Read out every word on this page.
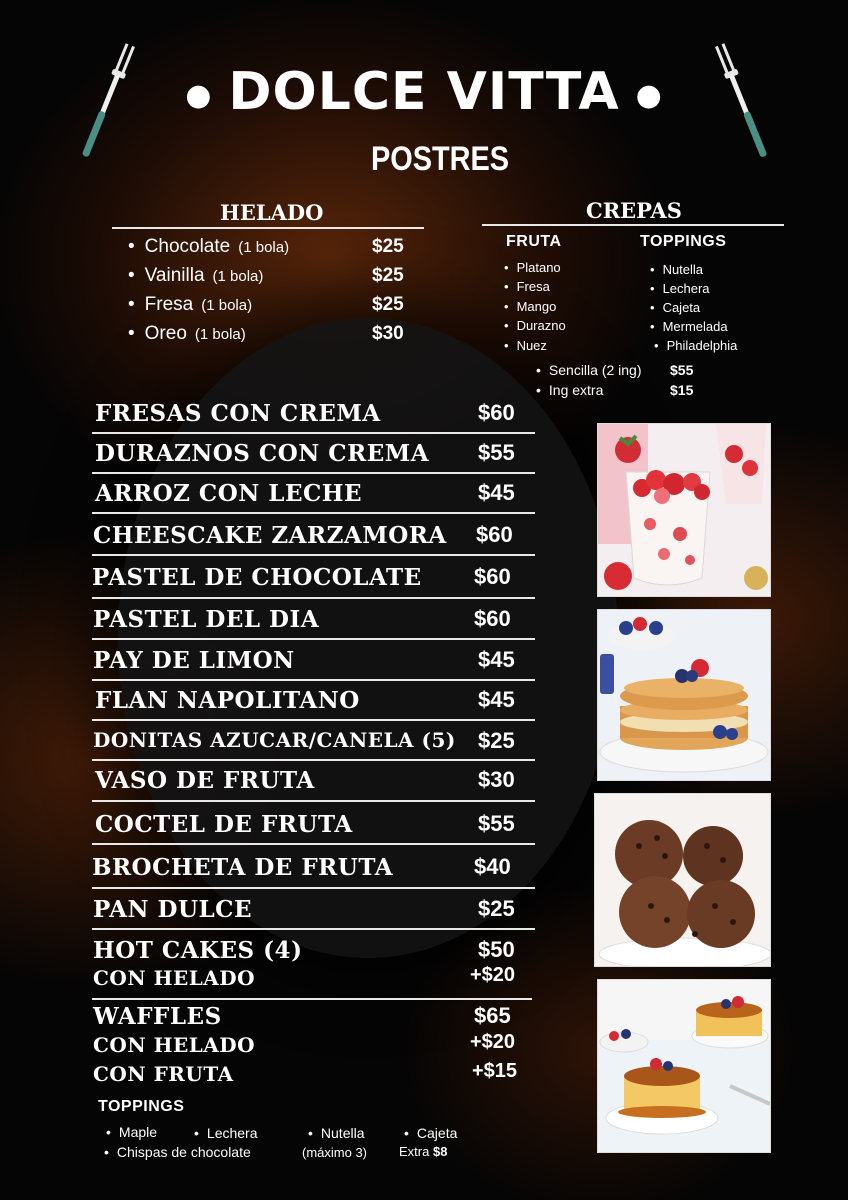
● DOLCE VITTA ●
POSTRES
HELADO
• Chocolate (1 bola)	$25
• Vainilla (1 bola)	$25
• Fresa (1 bola)	$25
• Oreo (1 bola)	$30
CREPAS
FRUTA	TOPPINGS
• Platano
• Fresa
• Mango
• Durazno
• Nuez
• Nutella
• Lechera
• Cajeta
• Mermelada
• Philadelphia
• Sencilla (2 ing) $55
• Ing extra	$15
FRESAS CON CREMA	$60
DURAZNOS CON CREMA $55
ARROZ CON LECHE	$45
CHEESCAKE ZARZAMORA $60
PASTEL DE CHOCOLATE $60
PASTEL DEL DIA	$60
PAY DE LIMON	$45
FLAN NAPOLITANO	$45
DONITAS AZUCAR/CANELA (5) $25
VASO DE FRUTA	$30
COCTEL DE FRUTA	$55
BROCHETA DE FRUTA	$40
PAN DULCE	$25
HOT CAKES (4)	$50
CON HELADO	+$20
WAFFLES	$65
CON HELADO	+$20
CON FRUTA	+$15
TOPPINGS
• Maple	• Lechera	• Nutella	• Cajeta
• Chispas de chocolate	(máximo 3) Extra $8
